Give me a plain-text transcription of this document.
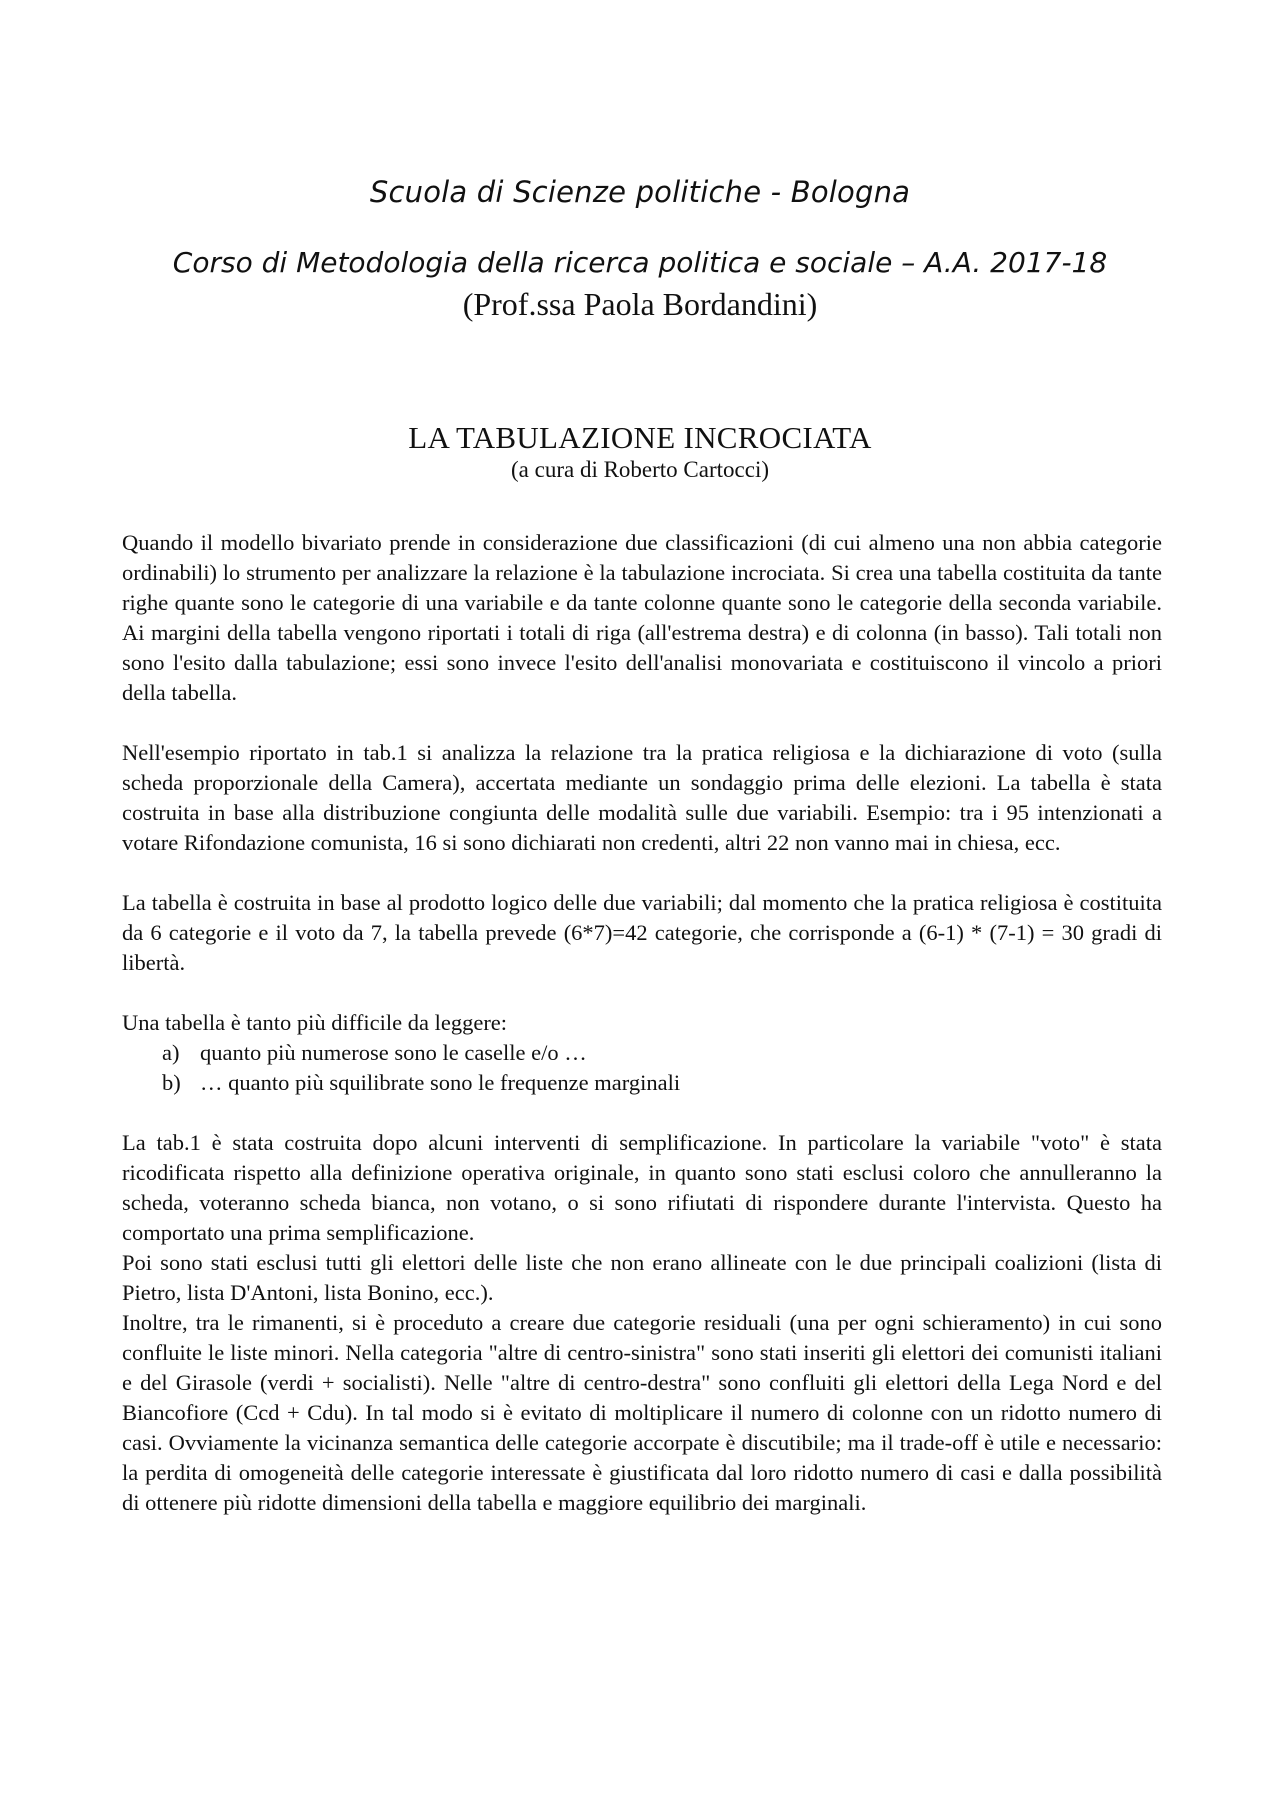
Scuola di Scienze politiche - Bologna
Corso di Metodologia della ricerca politica e sociale – A.A. 2017-18
(Prof.ssa Paola Bordandini)
LA TABULAZIONE INCROCIATA
(a cura di Roberto Cartocci)

Quando il modello bivariato prende in considerazione due classificazioni (di cui almeno una non abbia categorie ordinabili) lo strumento per analizzare la relazione è la tabulazione incrociata. Si crea una tabella costituita da tante righe quante sono le categorie di una variabile e da tante colonne quante sono le categorie della seconda variabile. Ai margini della tabella vengono riportati i totali di riga (all'estrema destra) e di colonna (in basso). Tali totali non sono l'esito dalla tabulazione; essi sono invece l'esito dell'analisi monovariata e costituiscono il vincolo a priori della tabella.

Nell'esempio riportato in tab.1 si analizza la relazione tra la pratica religiosa e la dichiarazione di voto (sulla scheda proporzionale della Camera), accertata mediante un sondaggio prima delle elezioni. La tabella è stata costruita in base alla distribuzione congiunta delle modalità sulle due variabili. Esempio: tra i 95 intenzionati a votare Rifondazione comunista, 16 si sono dichiarati non credenti, altri 22 non vanno mai in chiesa, ecc.

La tabella è costruita in base al prodotto logico delle due variabili; dal momento che la pratica religiosa è costituita da 6 categorie e il voto da 7, la tabella prevede (6*7)=42 categorie, che corrisponde a (6-1) * (7-1) = 30 gradi di libertà.

Una tabella è tanto più difficile da leggere:

a) quanto più numerose sono le caselle e/o …
b) … quanto più squilibrate sono le frequenze marginali

La tab.1 è stata costruita dopo alcuni interventi di semplificazione. In particolare la variabile "voto" è stata ricodificata rispetto alla definizione operativa originale, in quanto sono stati esclusi coloro che annulleranno la scheda, voteranno scheda bianca, non votano, o si sono rifiutati di rispondere durante l'intervista. Questo ha comportato una prima semplificazione.

Poi sono stati esclusi tutti gli elettori delle liste che non erano allineate con le due principali coalizioni (lista di Pietro, lista D'Antoni, lista Bonino, ecc.).

Inoltre, tra le rimanenti, si è proceduto a creare due categorie residuali (una per ogni schieramento) in cui sono confluite le liste minori. Nella categoria "altre di centro-sinistra" sono stati inseriti gli elettori dei comunisti italiani e del Girasole (verdi + socialisti). Nelle "altre di centro-destra" sono confluiti gli elettori della Lega Nord e del Biancofiore (Ccd + Cdu). In tal modo si è evitato di moltiplicare il numero di colonne con un ridotto numero di casi. Ovviamente la vicinanza semantica delle categorie accorpate è discutibile; ma il trade-off è utile e necessario: la perdita di omogeneità delle categorie interessate è giustificata dal loro ridotto numero di casi e dalla possibilità di ottenere più ridotte dimensioni della tabella e maggiore equilibrio dei marginali.
